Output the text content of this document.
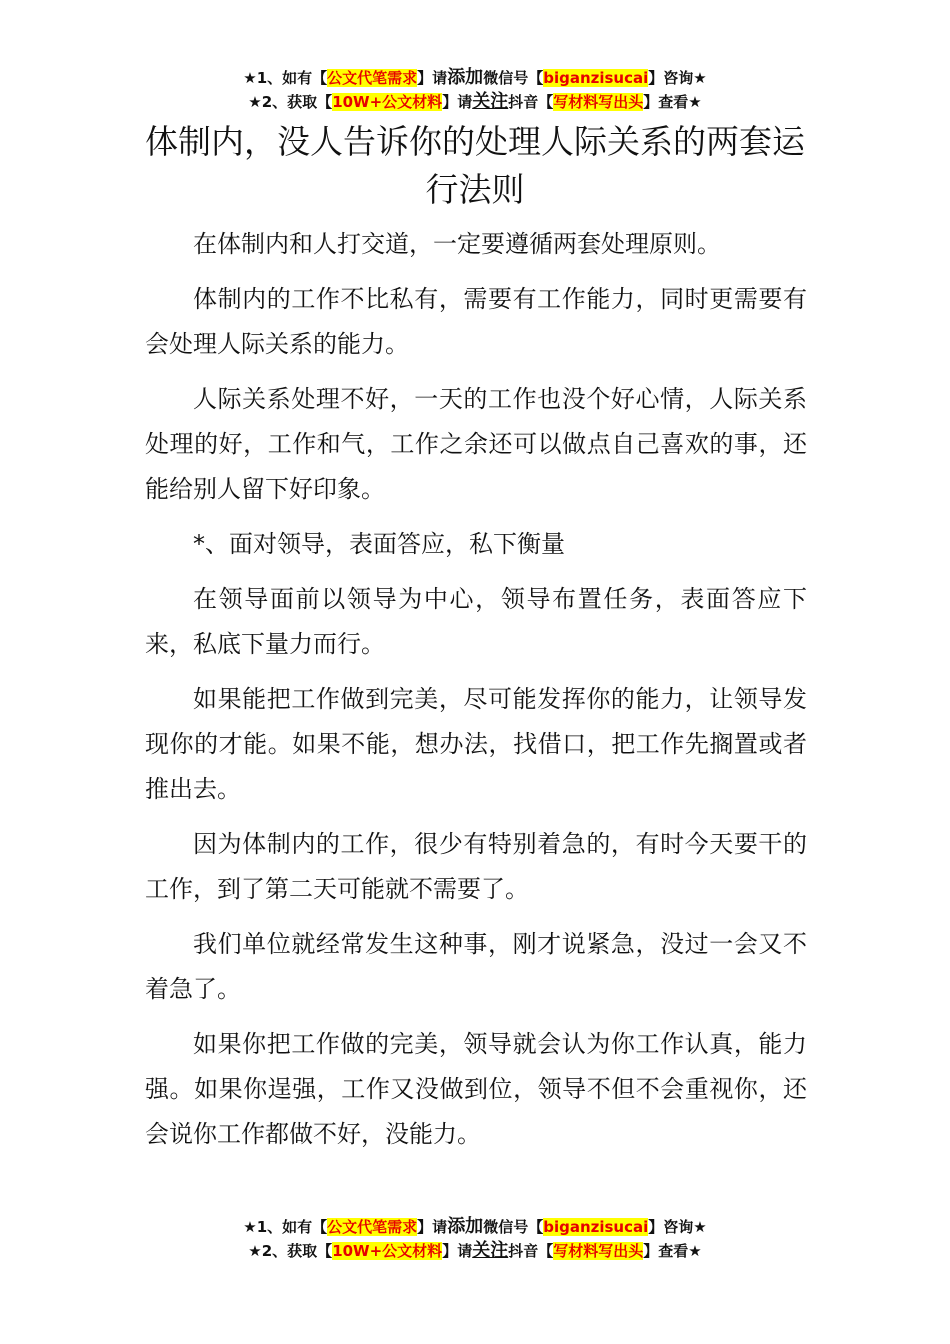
★1、如有【公文代笔需求】请添加微信号【biganzisucai】咨询★
★2、获取【10W+公文材料】请关注抖音【写材料写出头】查看★
体制内，没人告诉你的处理人际关系的两套运行法则

在体制内和人打交道，一定要遵循两套处理原则。

体制内的工作不比私有，需要有工作能力，同时更需要有会处理人际关系的能力。

人际关系处理不好，一天的工作也没个好心情，人际关系处理的好，工作和气，工作之余还可以做点自己喜欢的事，还能给别人留下好印象。

*、面对领导，表面答应，私下衡量

在领导面前以领导为中心，领导布置任务，表面答应下来，私底下量力而行。

如果能把工作做到完美，尽可能发挥你的能力，让领导发现你的才能。如果不能，想办法，找借口，把工作先搁置或者推出去。

因为体制内的工作，很少有特别着急的，有时今天要干的工作，到了第二天可能就不需要了。

我们单位就经常发生这种事，刚才说紧急，没过一会又不着急了。

如果你把工作做的完美，领导就会认为你工作认真，能力强。如果你逞强，工作又没做到位，领导不但不会重视你，还会说你工作都做不好，没能力。

★1、如有【公文代笔需求】请添加微信号【biganzisucai】咨询★
★2、获取【10W+公文材料】请关注抖音【写材料写出头】查看★
